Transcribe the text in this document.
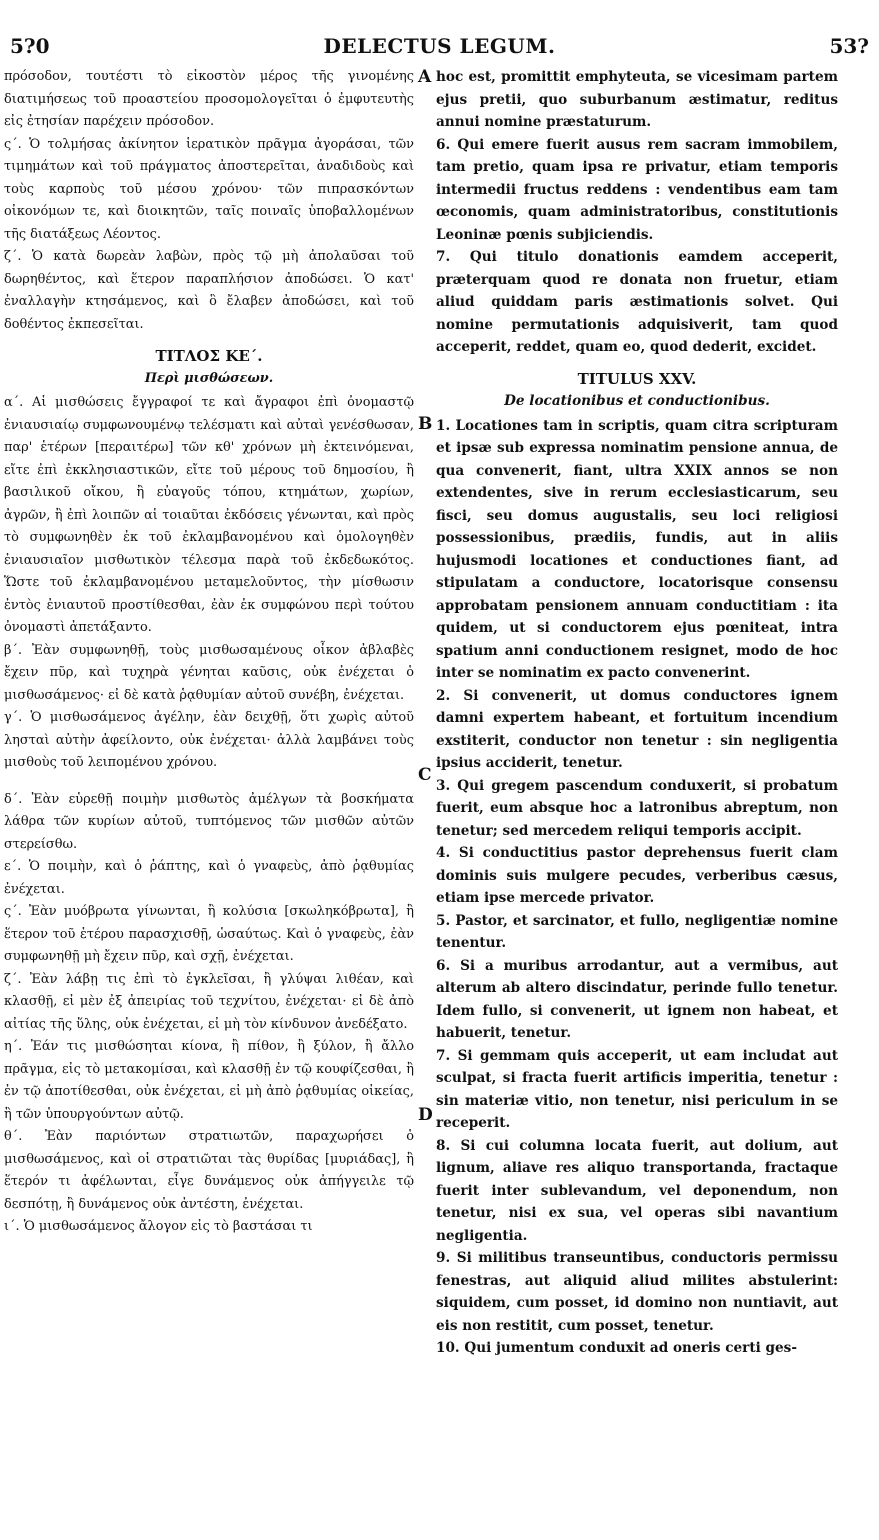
5?0	DELECTUS LEGUM.	53?
A
B
C
D

πρόσοδον, τουτέστι τὸ εἰκοστὸν μέρος τῆς γινομένης διατιμήσεως τοῦ προαστείου προσομολογεῖται ὁ ἐμφυτευτὴς εἰς ἐτησίαν παρέχειν πρόσοδον.

ς΄. Ὁ τολμήσας ἀκίνητον ἱερατικὸν πρᾶγμα ἀγοράσαι, τῶν τιμημάτων καὶ τοῦ πράγματος ἀποστερεῖται, ἀναδιδοὺς καὶ τοὺς καρποὺς τοῦ μέσου χρόνου· τῶν πιπρασκόντων οἰκονόμων τε, καὶ διοικητῶν, ταῖς ποιναῖς ὑποβαλλομένων τῆς διατάξεως Λέοντος.

ζ΄. Ὁ κατὰ δωρεὰν λαβὼν, πρὸς τῷ μὴ ἀπολαῦσαι τοῦ δωρηθέντος, καὶ ἕτερον παραπλήσιον ἀποδώσει. Ὁ κατ' ἐναλλαγὴν κτησάμενος, καὶ ὃ ἔλαβεν ἀποδώσει, καὶ τοῦ δοθέντος ἐκπεσεῖται.

ΤΙΤΛΟΣ ΚΕ΄.
Περὶ μισθώσεων.

α΄. Αἱ μισθώσεις ἔγγραφοί τε καὶ ἄγραφοι ἐπὶ ὀνομαστῷ ἐνιαυσιαίῳ συμφωνουμένῳ τελέσματι καὶ αὐταὶ γενέσθωσαν, παρ' ἑτέρων [περαιτέρω] τῶν κθ' χρόνων μὴ ἐκτεινόμεναι, εἴτε ἐπὶ ἐκκλησιαστικῶν, εἴτε τοῦ μέρους τοῦ δημοσίου, ἢ βασιλικοῦ οἴκου, ἢ εὐαγοῦς τόπου, κτημάτων, χωρίων, ἀγρῶν, ἢ ἐπὶ λοιπῶν αἱ τοιαῦται ἐκδόσεις γένωνται, καὶ πρὸς τὸ συμφωνηθὲν ἐκ τοῦ ἐκλαμβανομένου καὶ ὁμολογηθὲν ἐνιαυσιαῖον μισθωτικὸν τέλεσμα παρὰ τοῦ ἐκδεδωκότος. Ὥστε τοῦ ἐκλαμβανομένου μεταμελοῦντος, τὴν μίσθωσιν ἐντὸς ἐνιαυτοῦ προστίθεσθαι, ἐὰν ἐκ συμφώνου περὶ τούτου ὀνομαστὶ ἀπετάξαντο.

β΄. Ἐὰν συμφωνηθῇ, τοὺς μισθωσαμένους οἶκον ἀβλαβὲς ἔχειν πῦρ, καὶ τυχηρὰ γένηται καῦσις, οὐκ ἐνέχεται ὁ μισθωσάμενος· εἰ δὲ κατὰ ῥᾳθυμίαν αὐτοῦ συνέβη, ἐνέχεται.

γ΄. Ὁ μισθωσάμενος ἀγέλην, ἐὰν δειχθῇ, ὅτι χωρὶς αὐτοῦ λησταὶ αὐτὴν ἀφείλοντο, οὐκ ἐνέχεται· ἀλλὰ λαμβάνει τοὺς μισθοὺς τοῦ λειπομένου χρόνου.

δ΄. Ἐὰν εὑρεθῇ ποιμὴν μισθωτὸς ἀμέλγων τὰ βοσκήματα λάθρα τῶν κυρίων αὐτοῦ, τυπτόμενος τῶν μισθῶν αὐτῶν στερείσθω.

ε΄. Ὁ ποιμὴν, καὶ ὁ ῥάπτης, καὶ ὁ γναφεὺς, ἀπὸ ῥᾳθυμίας ἐνέχεται.

ς΄. Ἐὰν μυόβρωτα γίνωνται, ἢ κολύσια [σκωληκόβρωτα], ἢ ἕτερον τοῦ ἑτέρου παρασχισθῇ, ὡσαύτως. Καὶ ὁ γναφεὺς, ἐὰν συμφωνηθῇ μὴ ἔχειν πῦρ, καὶ σχῇ, ἐνέχεται.

ζ΄. Ἐὰν λάβῃ τις ἐπὶ τὸ ἐγκλεῖσαι, ἢ γλύψαι λιθέαν, καὶ κλασθῇ, εἰ μὲν ἐξ ἀπειρίας τοῦ τεχνίτου, ἐνέχεται· εἰ δὲ ἀπὸ αἰτίας τῆς ὕλης, οὐκ ἐνέχεται, εἰ μὴ τὸν κίνδυνον ἀνεδέξατο.

η΄. Ἐάν τις μισθώσηται κίονα, ἢ πίθον, ἢ ξύλον, ἢ ἄλλο πρᾶγμα, εἰς τὸ μετακομίσαι, καὶ κλασθῇ ἐν τῷ κουφίζεσθαι, ἢ ἐν τῷ ἀποτίθεσθαι, οὐκ ἐνέχεται, εἰ μὴ ἀπὸ ῥᾳθυμίας οἰκείας, ἢ τῶν ὑπουργούντων αὐτῷ.

θ΄. Ἐὰν παριόντων στρατιωτῶν, παραχωρήσει ὁ μισθωσάμενος, καὶ οἱ στρατιῶται τὰς θυρίδας [μυριάδας], ἢ ἕτερόν τι ἀφέλωνται, εἶγε δυνάμενος οὐκ ἀπήγγειλε τῷ δεσπότῃ, ἢ δυνάμενος οὐκ ἀντέστη, ἐνέχεται.

ι΄. Ὁ μισθωσάμενος ἄλογον εἰς τὸ βαστάσαι τι

hoc est, promittit emphyteuta, se vicesimam partem ejus pretii, quo suburbanum æstimatur, reditus annui nomine præstaturum.

6. Qui emere fuerit ausus rem sacram immobilem, tam pretio, quam ipsa re privatur, etiam temporis intermedii fructus reddens : vendentibus eam tam œconomis, quam administratoribus, constitutionis Leoninæ pœnis subjiciendis.

7. Qui titulo donationis eamdem acceperit, præterquam quod re donata non fruetur, etiam aliud quiddam paris æstimationis solvet. Qui nomine permutationis adquisiverit, tam quod acceperit, reddet, quam eo, quod dederit, excidet.

TITULUS XXV.
De locationibus et conductionibus.

1. Locationes tam in scriptis, quam citra scripturam et ipsæ sub expressa nominatim pensione annua, de qua convenerit, fiant, ultra XXIX annos se non extendentes, sive in rerum ecclesiasticarum, seu fisci, seu domus augustalis, seu loci religiosi possessionibus, prædiis, fundis, aut in aliis hujusmodi locationes et conductiones fiant, ad stipulatam a conductore, locatorisque consensu approbatam pensionem annuam conductitiam : ita quidem, ut si conductorem ejus pœniteat, intra spatium anni conductionem resignet, modo de hoc inter se nominatim ex pacto convenerint.

2. Si convenerit, ut domus conductores ignem damni expertem habeant, et fortuitum incendium exstiterit, conductor non tenetur : sin negligentia ipsius acciderit, tenetur.

3. Qui gregem pascendum conduxerit, si probatum fuerit, eum absque hoc a latronibus abreptum, non tenetur; sed mercedem reliqui temporis accipit.

4. Si conductitius pastor deprehensus fuerit clam dominis suis mulgere pecudes, verberibus cæsus, etiam ipse mercede privator.

5. Pastor, et sarcinator, et fullo, negligentiæ nomine tenentur.

6. Si a muribus arrodantur, aut a vermibus, aut alterum ab altero discindatur, perinde fullo tenetur. Idem fullo, si convenerit, ut ignem non habeat, et habuerit, tenetur.

7. Si gemmam quis acceperit, ut eam includat aut sculpat, si fracta fuerit artificis imperitia, tenetur : sin materiæ vitio, non tenetur, nisi periculum in se receperit.

8. Si cui columna locata fuerit, aut dolium, aut lignum, aliave res aliquo transportanda, fractaque fuerit inter sublevandum, vel deponendum, non tenetur, nisi ex sua, vel operas sibi navantium negligentia.

9. Si militibus transeuntibus, conductoris permissu fenestras, aut aliquid aliud milites abstulerint: siquidem, cum posset, id domino non nuntiavit, aut eis non restitit, cum posset, tenetur.

10. Qui jumentum conduxit ad oneris certi ges-
